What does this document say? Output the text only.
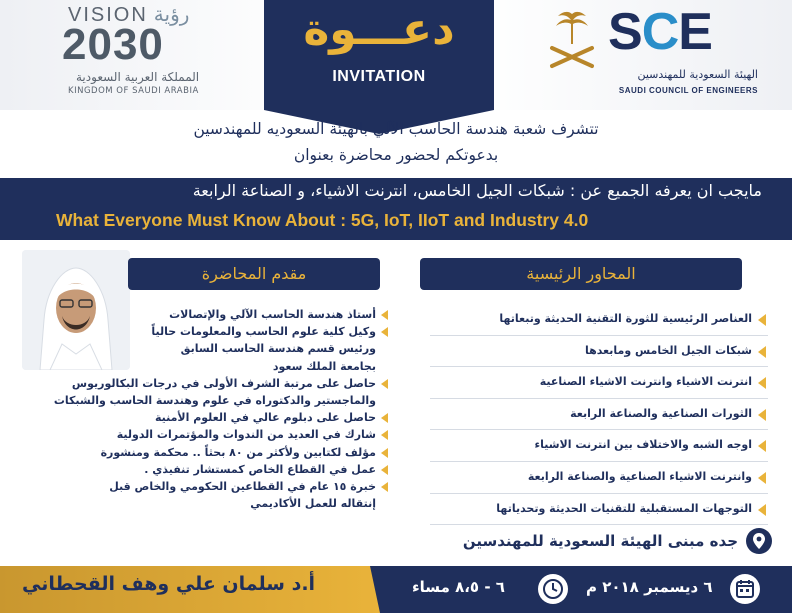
VISION رؤية
2030
المملكة العربية السعودية
KINGDOM OF SAUDI ARABIA
دعـــوة
INVITATION
SCE
الهيئة السعودية للمهندسين
SAUDI COUNCIL OF ENGINEERS
تتشرف شعبة هندسة الحاسب الآلي بالهيئة السعوديه للمهندسين
بدعوتكم لحضور محاضرة بعنوان
مايجب ان يعرفه الجميع عن : شبكات الجيل الخامس، انترنت الاشياء، و الصناعة الرابعة
What Everyone Must Know About : 5G, IoT, IIoT and Industry 4.0
مقدم المحاضرة	المحاور الرئيسية
أستاذ هندسة الحاسب الآلي والإتصالات
وكيل كلية علوم الحاسب والمعلومات حالياً
ورئيس قسم هندسة الحاسب السابق
بجامعة الملك سعود
حاصل على مرتبة الشرف الأولى في درجات البكالوريوس
والماجستير والدكتوراه في علوم وهندسة الحاسب والشبكات
حاصل على دبلوم عالي في العلوم الأمنية
شارك في العديد من الندوات والمؤتمرات الدولية
مؤلف لكتابين ولأكثر من ٨٠ بحثاً .. محكمة ومنشورة
عمل في القطاع الخاص كمستشار تنفيذي .
خبرة ١٥ عام في القطاعين الحكومي والخاص قبل
إنتقاله للعمل الأكاديمي
العناصر الرئيسية للثورة التقنية الحديثة وتبعاتها
شبكات الجيل الخامس ومابعدها
انترنت الاشياء وانترنت الاشياء الصناعية
الثورات الصناعية والصناعة الرابعة
اوجه الشبه والاختلاف بين انترنت الاشياء
وانترنت الاشياء الصناعية والصناعة الرابعة
التوجهات المستقبلية للتقنيات الحديثة وتحدياتها
جده مبنى الهيئة السعودية للمهندسين
أ.د سلمان علي وهف القحطاني	٦ - ٨،٥ مساء	٦ ديسمبر ٢٠١٨ م
